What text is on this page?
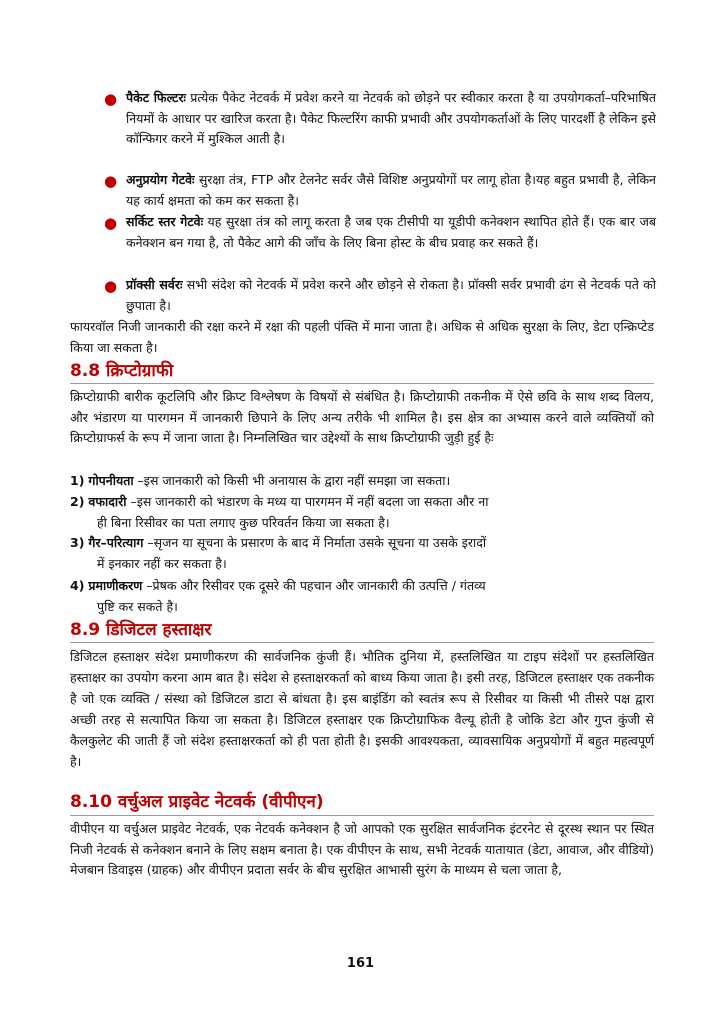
● पैकेट फिल्टरः प्रत्येक पैकेट नेटवर्क में प्रवेश करने या नेटवर्क को छोड़ने पर स्वीकार करता है या उपयोगकर्ता–परिभाषित नियमों के आधार पर खारिज करता है। पैकेट फिल्टरिंग काफी प्रभावी और उपयोगकर्ताओं के लिए पारदर्शी है लेकिन इसे कॉन्फिगर करने में मुश्किल आती है।
● अनुप्रयोग गेटवेः सुरक्षा तंत्र, FTP और टेलनेट सर्वर जैसे विशिष्ट अनुप्रयोगों पर लागू होता है।यह बहुत प्रभावी है, लेकिन यह कार्य क्षमता को कम कर सकता है।
● सर्किट स्तर गेटवेः यह सुरक्षा तंत्र को लागू करता है जब एक टीसीपी या यूडीपी कनेक्शन स्थापित होते हैं। एक बार जब कनेक्शन बन गया है, तो पैकेट आगे की जाँच के लिए बिना होस्ट के बीच प्रवाह कर सकते हैं।
● प्रॉक्सी सर्वरः सभी संदेश को नेटवर्क में प्रवेश करने और छोड़ने से रोकता है। प्रॉक्सी सर्वर प्रभावी ढंग से नेटवर्क पते को छुपाता है।
फायरवॉल निजी जानकारी की रक्षा करने में रक्षा की पहली पंक्ति में माना जाता है। अधिक से अधिक सुरक्षा के लिए, डेटा एन्क्रिप्टेड किया जा सकता है।
8.8 क्रिप्टोग्राफी
क्रिप्टोग्राफी बारीक कूटलिपि और क्रिप्ट विश्लेषण के विषयों से संबंधित है। क्रिप्टोग्राफी तकनीक में ऐसे छवि के साथ शब्द विलय, और भंडारण या पारगमन में जानकारी छिपाने के लिए अन्य तरीके भी शामिल है। इस क्षेत्र का अभ्यास करने वाले व्यक्तियों को क्रिप्टोग्राफर्स के रूप में जाना जाता है। निम्नलिखित चार उद्देश्यों के साथ क्रिप्टोग्राफी जुड़ी हुई हैः
1) गोपनीयता –इस जानकारी को किसी भी अनायास के द्वारा नहीं समझा जा सकता।
2) वफादारी –इस जानकारी को भंडारण के मध्य या पारगमन में नहीं बदला जा सकता और ना
ही बिना रिसीवर का पता लगाए कुछ परिवर्तन किया जा सकता है।
3) गैर–परित्याग –सृजन या सूचना के प्रसारण के बाद में निर्माता उसके सूचना या उसके इरादों
में इनकार नहीं कर सकता है।
4) प्रमाणीकरण –प्रेषक और रिसीवर एक दूसरे की पहचान और जानकारी की उत्पत्ति / गंतव्य
पुष्टि कर सकते है।
8.9 डिजिटल हस्ताक्षर
डिजिटल हस्ताक्षर संदेश प्रमाणीकरण की सार्वजनिक कुंजी हैं। भौतिक दुनिया में, हस्तलिखित या टाइप संदेशों पर हस्तलिखित हस्ताक्षर का उपयोग करना आम बात है। संदेश से हस्ताक्षरकर्ता को बाध्य किया जाता है। इसी तरह, डिजिटल हस्ताक्षर एक तकनीक है जो एक व्यक्ति / संस्था को डिजिटल डाटा से बांधता है। इस बाइंडिंग को स्वतंत्र रूप से रिसीवर या किसी भी तीसरे पक्ष द्वारा अच्छी तरह से सत्यापित किया जा सकता है। डिजिटल हस्ताक्षर एक क्रिप्टोग्राफिक वैल्यू होती है जोकि डेटा और गुप्त कुंजी से कैलकुलेट की जाती हैं जो संदेश हस्ताक्षरकर्ता को ही पता होती है। इसकी आवश्यकता, व्यावसायिक अनुप्रयोगों में बहुत महत्वपूर्ण है।
8.10 वर्चुअल प्राइवेट नेटवर्क (वीपीएन)
वीपीएन या वर्चुअल प्राइवेट नेटवर्क, एक नेटवर्क कनेक्शन है जो आपको एक सुरक्षित सार्वजनिक इंटरनेट से दूरस्थ स्थान पर स्थित निजी नेटवर्क से कनेक्शन बनाने के लिए सक्षम बनाता है। एक वीपीएन के साथ, सभी नेटवर्क यातायात (डेटा, आवाज, और वीडियो) मेजबान डिवाइस (ग्राहक) और वीपीएन प्रदाता सर्वर के बीच सुरक्षित आभासी सुरंग के माध्यम से चला जाता है,
161
